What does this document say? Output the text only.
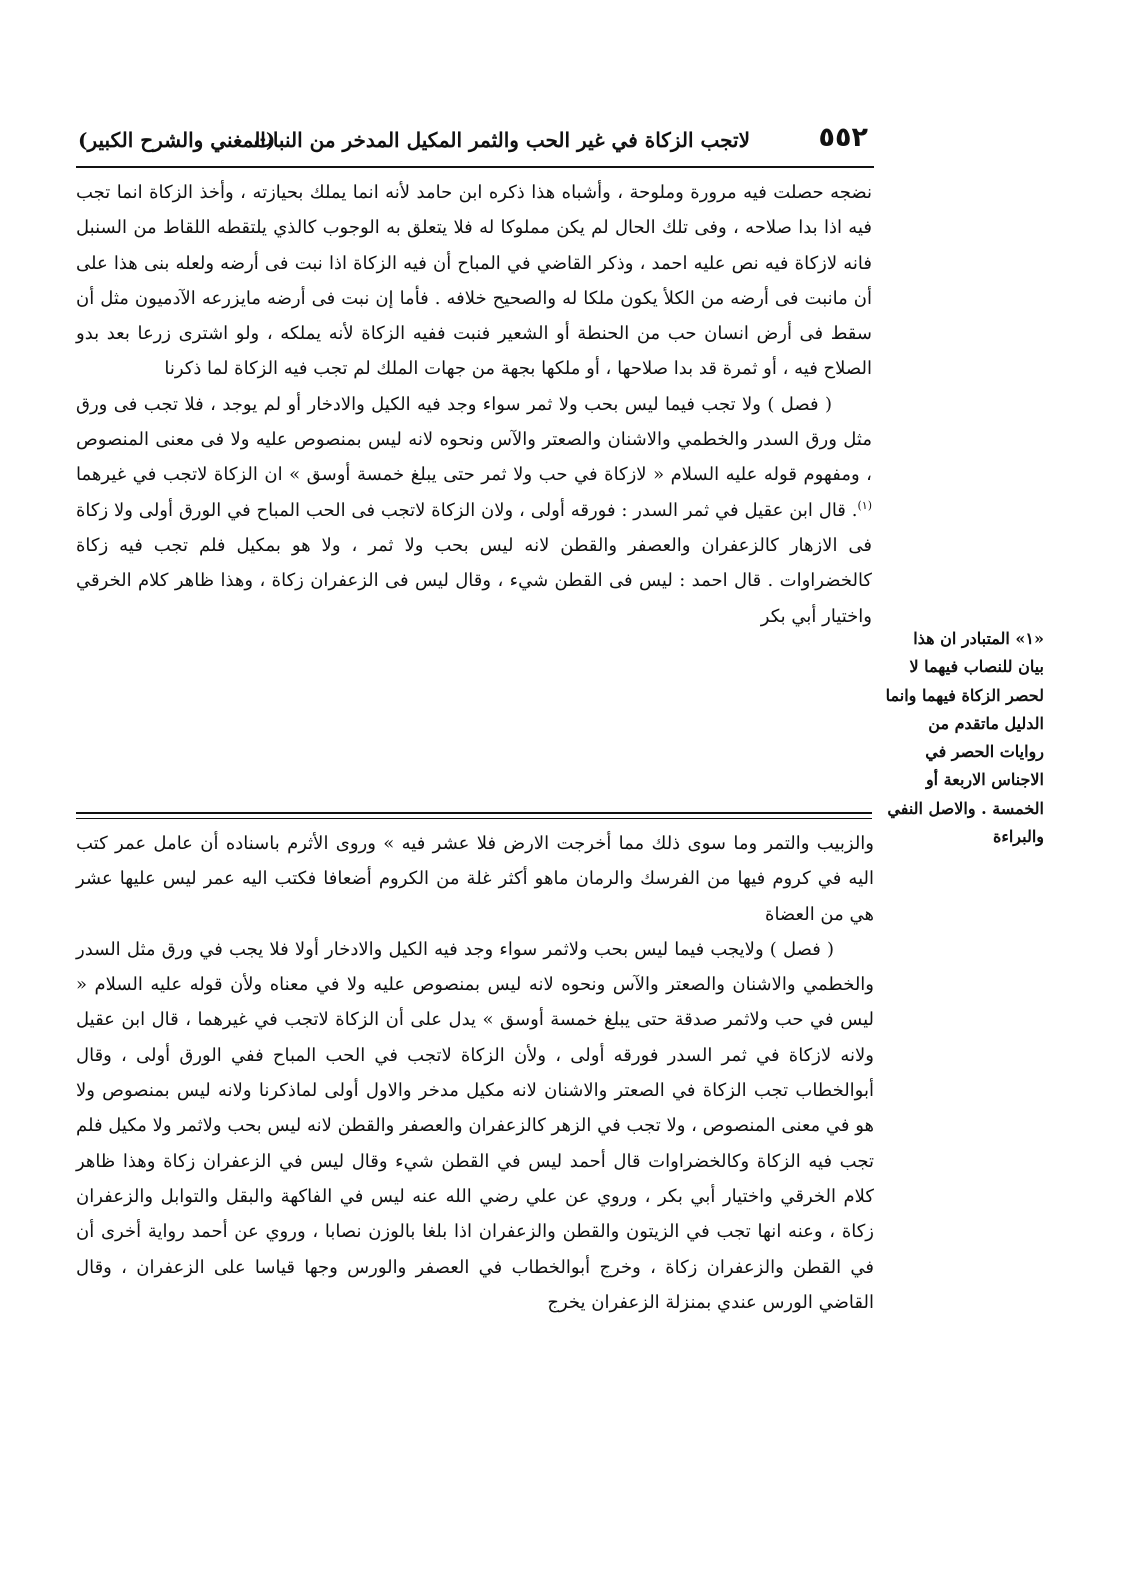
٥٥٢
لاتجب الزكاة في غير الحب والثمر المكيل المدخر من النبات
(المغني والشرح الكبير)

نضجه حصلت فيه مرورة وملوحة ، وأشباه هذا ذكره ابن حامد لأنه انما يملك بحيازته ، وأخذ الزكاة انما تجب فيه اذا بدا صلاحه ، وفى تلك الحال لم يكن مملوكا له فلا يتعلق به الوجوب كالذي يلتقطه اللقاط من السنبل فانه لازكاة فيه نص عليه احمد ، وذكر القاضي في المباح أن فيه الزكاة اذا نبت فى أرضه ولعله بنى هذا على أن مانبت فى أرضه من الكلأ يكون ملكا له والصحيح خلافه . فأما إن نبت فى أرضه مايزرعه الآدميون مثل أن سقط فى أرض انسان حب من الحنطة أو الشعير فنبت ففيه الزكاة لأنه يملكه ، ولو اشترى زرعا بعد بدو الصلاح فيه ، أو ثمرة قد بدا صلاحها ، أو ملكها بجهة من جهات الملك لم تجب فيه الزكاة لما ذكرنا

( فصل ) ولا تجب فيما ليس بحب ولا ثمر سواء وجد فيه الكيل والادخار أو لم يوجد ، فلا تجب فى ورق مثل ورق السدر والخطمي والاشنان والصعتر والآس ونحوه لانه ليس بمنصوص عليه ولا فى معنى المنصوص ، ومفهوم قوله عليه السلام « لازكاة في حب ولا ثمر حتى يبلغ خمسة أوسق » ان الزكاة لاتجب في غيرهما $^{(١)}$. قال ابن عقيل في ثمر السدر : فورقه أولى ، ولان الزكاة لاتجب فى الحب المباح في الورق أولى ولا زكاة فى الازهار كالزعفران والعصفر والقطن لانه ليس بحب ولا ثمر ، ولا هو بمكيل فلم تجب فيه زكاة كالخضراوات . قال احمد : ليس فى القطن شيء ، وقال ليس فى الزعفران زكاة ، وهذا ظاهر كلام الخرقي واختيار أبي بكر

«١» المتبادر ان هذا بيان للنصاب فيهما لا لحصر الزكاة فيهما وانما الدليل ماتقدم من روايات الحصر في الاجناس الاربعة أو الخمسة . والاصل النفي والبراءة

والزبيب والتمر وما سوى ذلك مما أخرجت الارض فلا عشر فيه » وروى الأثرم باسناده أن عامل عمر كتب اليه في كروم فيها من الفرسك والرمان ماهو أكثر غلة من الكروم أضعافا فكتب اليه عمر ليس عليها عشر هي من العضاة

( فصل ) ولايجب فيما ليس بحب ولاثمر سواء وجد فيه الكيل والادخار أولا فلا يجب في ورق مثل السدر والخطمي والاشنان والصعتر والآس ونحوه لانه ليس بمنصوص عليه ولا في معناه ولأن قوله عليه السلام « ليس في حب ولاثمر صدقة حتى يبلغ خمسة أوسق » يدل على أن الزكاة لاتجب في غيرهما ، قال ابن عقيل ولانه لازكاة في ثمر السدر فورقه أولى ، ولأن الزكاة لاتجب في الحب المباح ففي الورق أولى ، وقال أبوالخطاب تجب الزكاة في الصعتر والاشنان لانه مكيل مدخر والاول أولى لماذكرنا ولانه ليس بمنصوص ولا هو في معنى المنصوص ، ولا تجب في الزهر كالزعفران والعصفر والقطن لانه ليس بحب ولاثمر ولا مكيل فلم تجب فيه الزكاة وكالخضراوات قال أحمد ليس في القطن شيء وقال ليس في الزعفران زكاة وهذا ظاهر كلام الخرقي واختيار أبي بكر ، وروي عن علي رضي الله عنه ليس في الفاكهة والبقل والتوابل والزعفران زكاة ، وعنه انها تجب في الزيتون والقطن والزعفران اذا بلغا بالوزن نصابا ، وروي عن أحمد رواية أخرى أن في القطن والزعفران زكاة ، وخرج أبوالخطاب في العصفر والورس وجها قياسا على الزعفران ، وقال القاضي الورس عندي بمنزلة الزعفران يخرج
